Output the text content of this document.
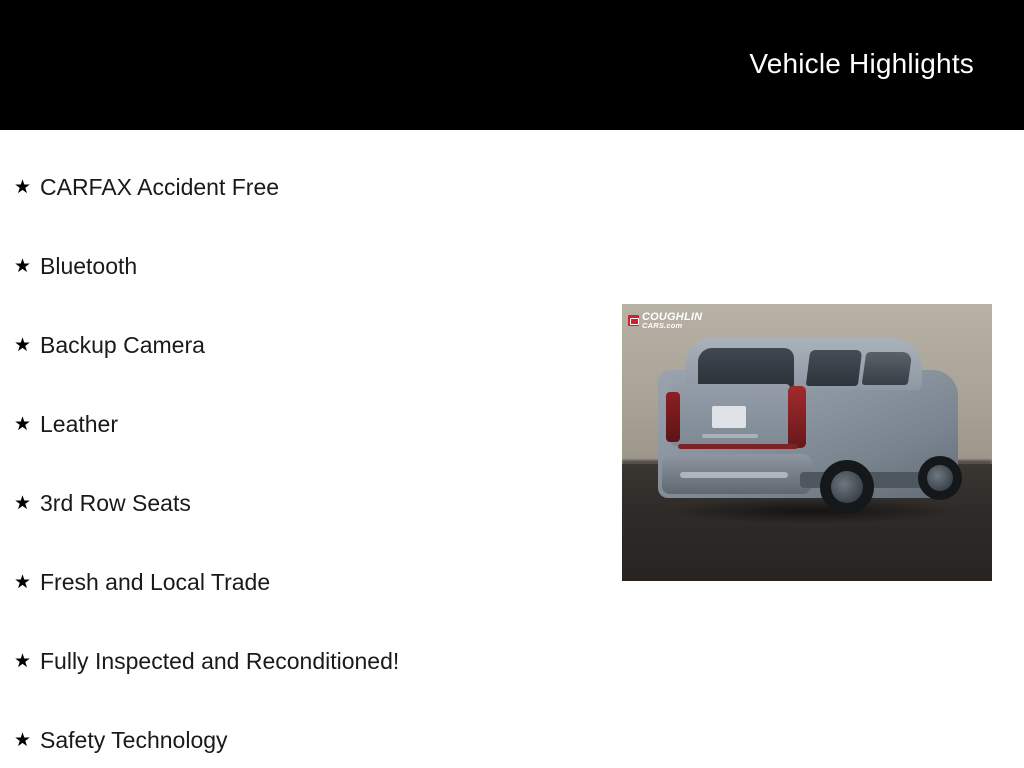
Vehicle Highlights
★ CARFAX Accident Free
★ Bluetooth
★ Backup Camera
★ Leather
★ 3rd Row Seats
★ Fresh and Local Trade
★ Fully Inspected and Reconditioned!
★ Safety Technology
COUGHLIN
CARS.com
